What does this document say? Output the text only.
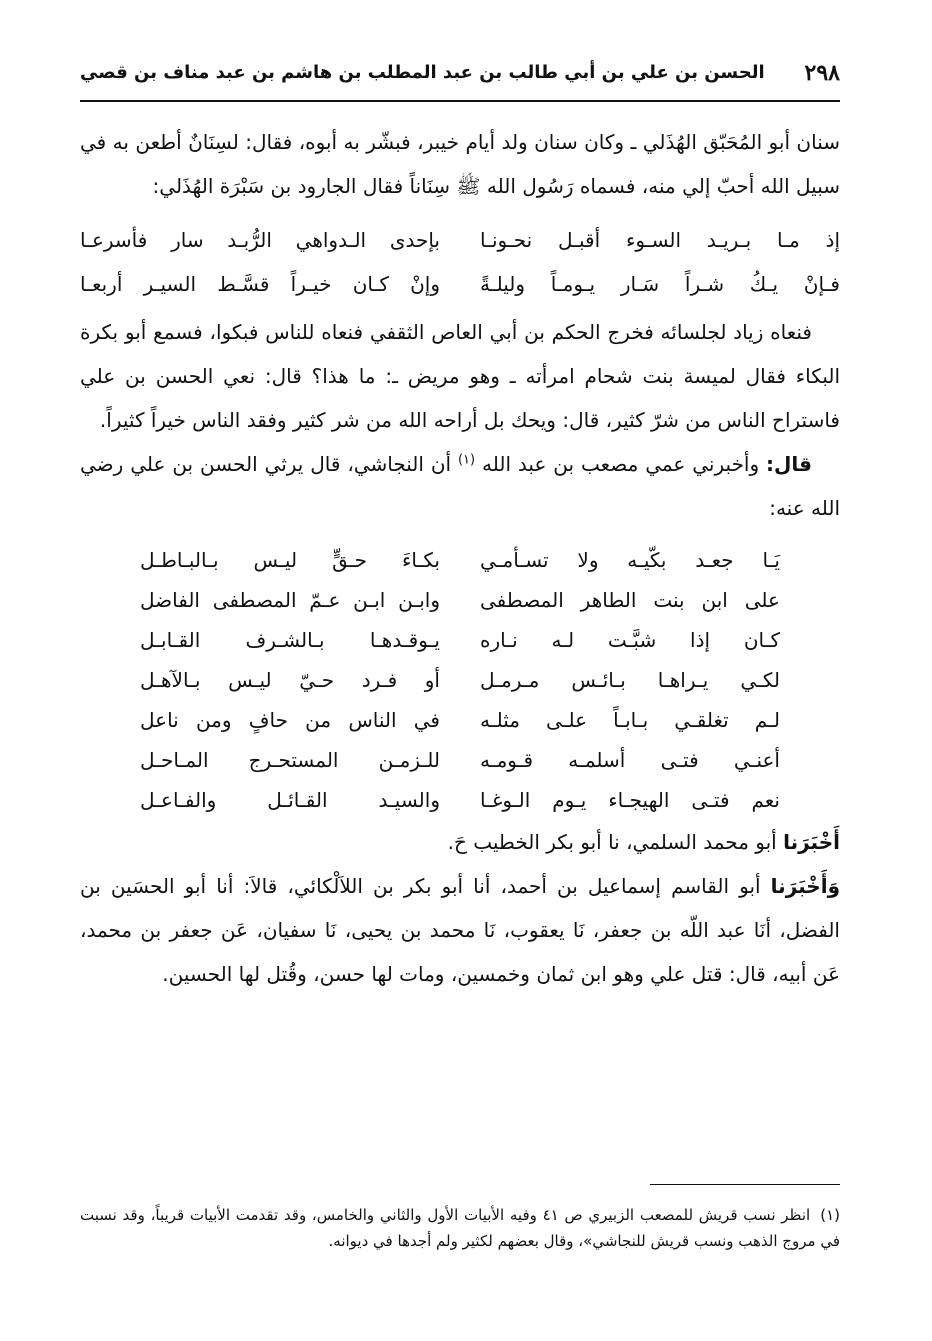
٢٩٨
الحسن بن علي بن أبي طالب بن عبد المطلب بن هاشم بن عبد مناف بن قصي

سنان أبو المُحَبّق الهُذَلي ـ وكان سنان ولد أيام خيبر، فبشّر به أبوه، فقال: لسِنَانٌ أطعن به في سبيل الله أحبّ إلي منه، فسماه رَسُول الله ﷺ سِنَاناً فقال الجارود بن سَبْرَة الهُذَلي:

إذ مـا بـريـد السـوء أقبـل نحـونـا
بإحدى الـدواهي الرُّبـد سار فأسرعـا
فـإنْ يـكُ شـراً سَـار يـومـاً وليلـةً
وإنْ كـان خيـراً قسَّـط السيـر أربعـا

فنعاه زياد لجلسائه فخرج الحكم بن أبي العاص الثقفي فنعاه للناس فبكوا، فسمع أبو بكرة البكاء فقال لميسة بنت شحام امرأته ـ وهو مريض ـ: ما هذا؟ قال: نعي الحسن بن علي فاستراح الناس من شرّ كثير، قال: ويحك بل أراحه الله من شر كثير وفقد الناس خيراً كثيراً.

قال: وأخبرني عمي مصعب بن عبد الله $^{(١)}$ أن النجاشي، قال يرثي الحسن بن علي رضي الله عنه:

يَـا جعـد بكّيـه ولا تسـأمـي
بكـاءَ حـقٍّ ليـس بـالبـاطـل
على ابن بنت الطاهر المصطفى
وابـن ابـن عـمّ المصطفى الفاضل
كـان إذا شبَّـت لـه نـاره
يـوقـدهـا بـالشـرف القـابـل
لكـي يـراهـا بـائـس مـرمـل
أو فـرد حـيّ ليـس بـالآهـل
لـم تغلقـي بـابـاً علـى مثلـه
في الناس من حافٍ ومن ناعل
أعنـي فتـى أسلمـه قـومـه
للـزمـن المستحـرج المـاحـل
نعم فتـى الهيجـاء يـوم الـوغـا
والسيـد القـائـل والفـاعـل

أَخْبَرَنا أبو محمد السلمي، نا أبو بكر الخطيب حَ.

وَأَخْبَرَنا أبو القاسم إسماعيل بن أحمد، أنا أبو بكر بن اللاَلْكائي، قالاَ: أنا أبو الحسَين بن الفضل، أنَا عبد اللّه بن جعفر، نَا يعقوب، نَا محمد بن يحيى، نَا سفيان، عَن جعفر بن محمد، عَن أبيه، قال: قتل علي وهو ابن ثمان وخمسين، ومات لها حسن، وقُتل لها الحسين.

(١)انظر نسب قريش للمصعب الزبيري ص ٤١ وفيه الأبيات الأول والثاني والخامس، وقد تقدمت الأبيات قريباً، وقد نسبت في مروج الذهب ونسب قريش للنجاشي»، وقال بعضهم لكثير ولم أجدها في ديوانه.
